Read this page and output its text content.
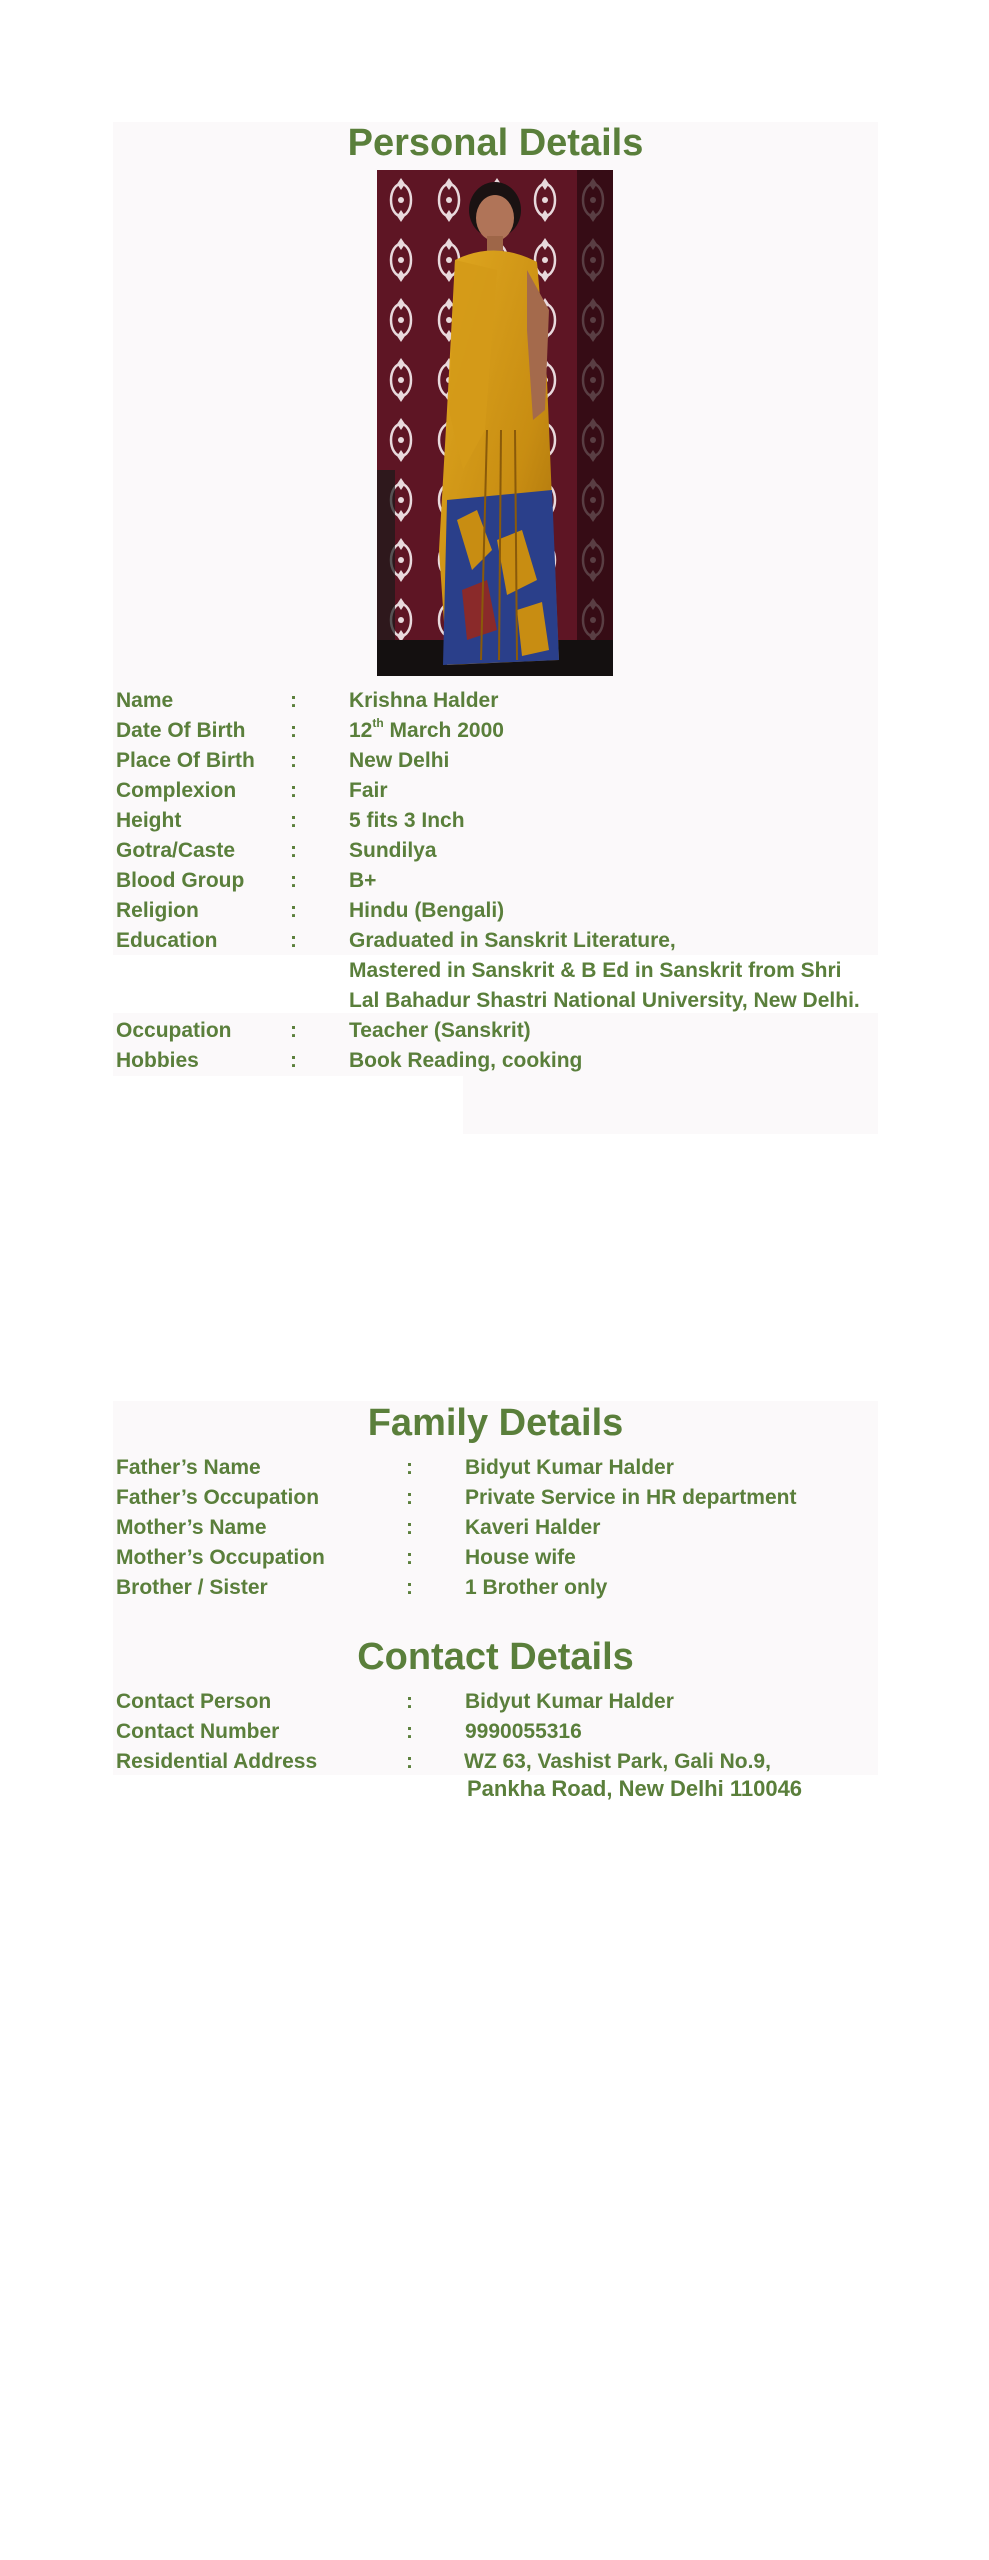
Personal Details
Name	: Krishna Halder
Date Of Birth : 12th March 2000
Place Of Birth : New Delhi
Complexion	: Fair
Height	: 5 fits 3 Inch
Gotra/Caste	: Sundilya
Blood Group : B+
Religion	: Hindu (Bengali)
Education	: Graduated in Sanskrit Literature,
Mastered in Sanskrit & B Ed in Sanskrit from Shri
Lal Bahadur Shastri National University, New Delhi.
Occupation	: Teacher (Sanskrit)
Hobbies	: Book Reading, cooking
Family Details
Father’s Name	: Bidyut Kumar Halder
Father’s Occupation	: Private Service in HR department
Mother’s Name	: Kaveri Halder
Mother’s Occupation	: House wife
Brother / Sister	: 1 Brother only
Contact Details
Contact Person	: Bidyut Kumar Halder
Contact Number	: 9990055316
Residential Address	: WZ 63, Vashist Park, Gali No.9,
Pankha Road, New Delhi 110046
